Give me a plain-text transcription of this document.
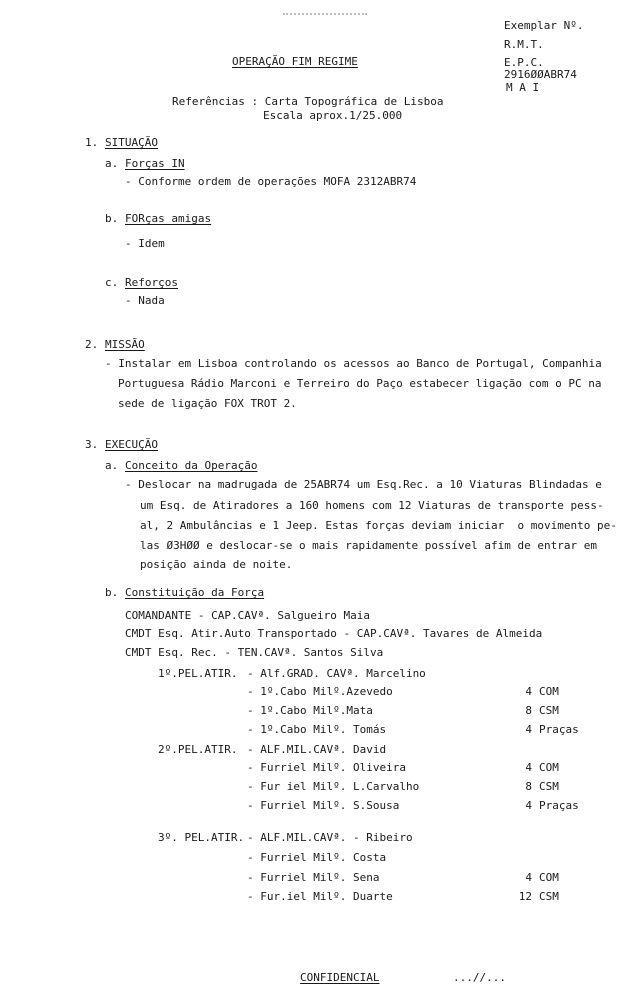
Exemplar Nº.
R.M.T.
E.P.C.
2916ØØABR74
M A I
OPERAÇÃO FIM REGIME
Referências : Carta Topográfica de Lisboa
Escala aprox.1/25.000
1. SITUAÇÃO
a. Forças IN
- Conforme ordem de operações MOFA 2312ABR74
b. FORças amigas
- Idem
c. Reforços
- Nada
2. MISSÃO
- Instalar em Lisboa controlando os acessos ao Banco de Portugal, Companhia
Portuguesa Rádio Marconi e Terreiro do Paço estabecer ligação com o PC na
sede de ligação FOX TROT 2.
3. EXECUÇÃO
a. Conceito da Operação
- Deslocar na madrugada de 25ABR74 um Esq.Rec. a 10 Viaturas Blindadas e
um Esq. de Atiradores a 160 homens com 12 Viaturas de transporte pess-
al, 2 Ambulâncias e 1 Jeep. Estas forças deviam iniciar  o movimento pe-
las Ø3HØØ e deslocar-se o mais rapidamente possível afim de entrar em
posição ainda de noite.
b. Constituição da Força
COMANDANTE - CAP.CAVª. Salgueiro Maia
CMDT Esq. Atir.Auto Transportado - CAP.CAVª. Tavares de Almeida
CMDT Esq. Rec. - TEN.CAVª. Santos Silva
1º.PEL.ATIR. - Alf.GRAD. CAVª. Marcelino
- 1º.Cabo Milº.Azevedo	4 COM
- 1º.Cabo Milº.Mata	8 CSM
- 1º.Cabo Milº. Tomás	4 Praças
2º.PEL.ATIR. - ALF.MIL.CAVª. David
- Furriel Milº. Oliveira	4 COM
- Fur iel Milº. L.Carvalho	8 CSM
- Furriel Milº. S.Sousa	4 Praças
3º. PEL.ATIR. - ALF.MIL.CAVª. - Ribeiro
- Furriel Milº. Costa
- Furriel Milº. Sena	4 COM
- Fur.iel Milº. Duarte	12 CSM
CONFIDENCIAL	...//...
